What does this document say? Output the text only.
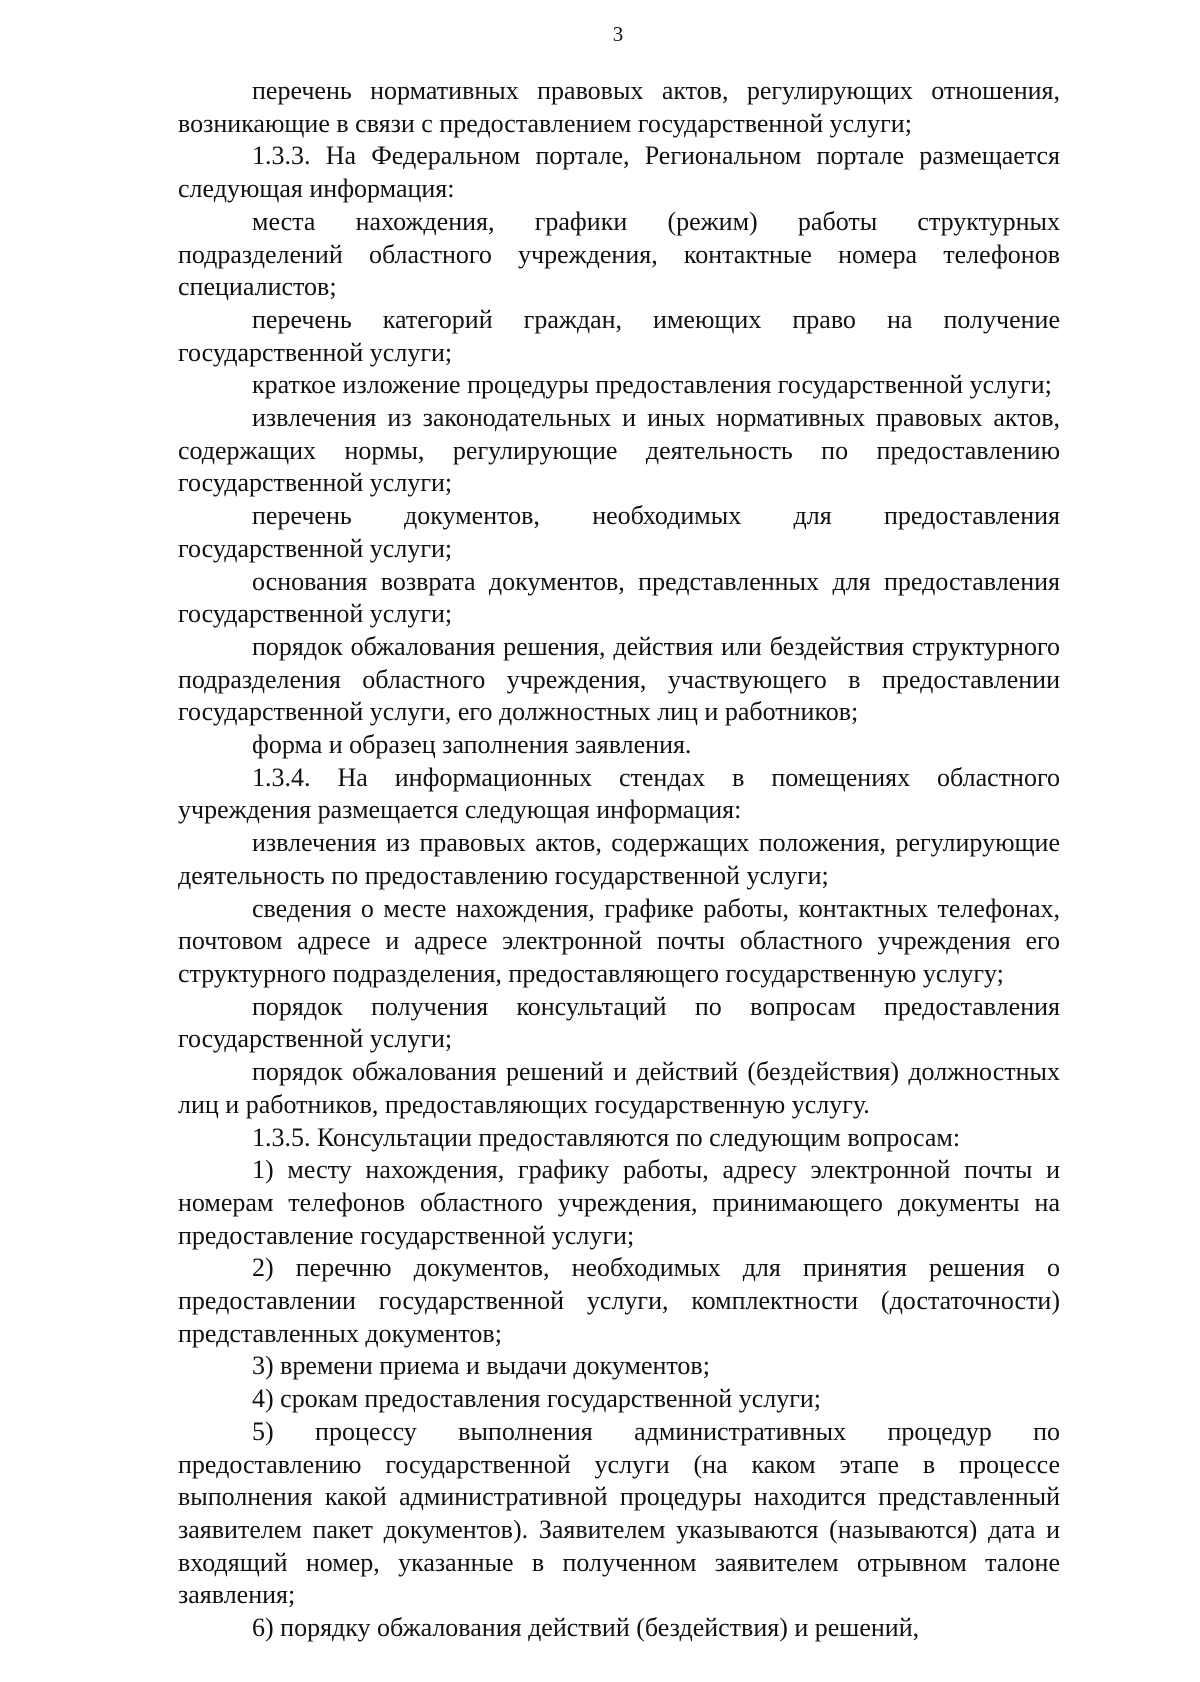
3

перечень нормативных правовых актов, регулирующих отношения, возникающие в связи с предоставлением государственной услуги;

1.3.3. На Федеральном портале, Региональном портале размещается следующая информация:

места нахождения, графики (режим) работы структурных подразделений областного учреждения, контактные номера телефонов специалистов;

перечень категорий граждан, имеющих право на получение государственной услуги;

краткое изложение процедуры предоставления государственной услуги;

извлечения из законодательных и иных нормативных правовых актов, содержащих нормы, регулирующие деятельность по предоставлению государственной услуги;

перечень документов, необходимых для предоставления государственной услуги;

основания возврата документов, представленных для предоставления государственной услуги;

порядок обжалования решения, действия или бездействия структурного подразделения областного учреждения, участвующего в предоставлении государственной услуги, его должностных лиц и работников;

форма и образец заполнения заявления.

1.3.4. На информационных стендах в помещениях областного учреждения размещается следующая информация:

извлечения из правовых актов, содержащих положения, регулирующие деятельность по предоставлению государственной услуги;

сведения о месте нахождения, графике работы, контактных телефонах, почтовом адресе и адресе электронной почты областного учреждения его структурного подразделения, предоставляющего государственную услугу;

порядок получения консультаций по вопросам предоставления государственной услуги;

порядок обжалования решений и действий (бездействия) должностных лиц и работников, предоставляющих государственную услугу.

1.3.5. Консультации предоставляются по следующим вопросам:

1) месту нахождения, графику работы, адресу электронной почты и номерам телефонов областного учреждения, принимающего документы на предоставление государственной услуги;

2) перечню документов, необходимых для принятия решения о предоставлении государственной услуги, комплектности (достаточности) представленных документов;

3) времени приема и выдачи документов;

4) срокам предоставления государственной услуги;

5) процессу выполнения административных процедур по предоставлению государственной услуги (на каком этапе в процессе выполнения какой административной процедуры находится представленный заявителем пакет документов). Заявителем указываются (называются) дата и входящий номер, указанные в полученном заявителем отрывном талоне заявления;

6) порядку обжалования действий (бездействия) и решений,
